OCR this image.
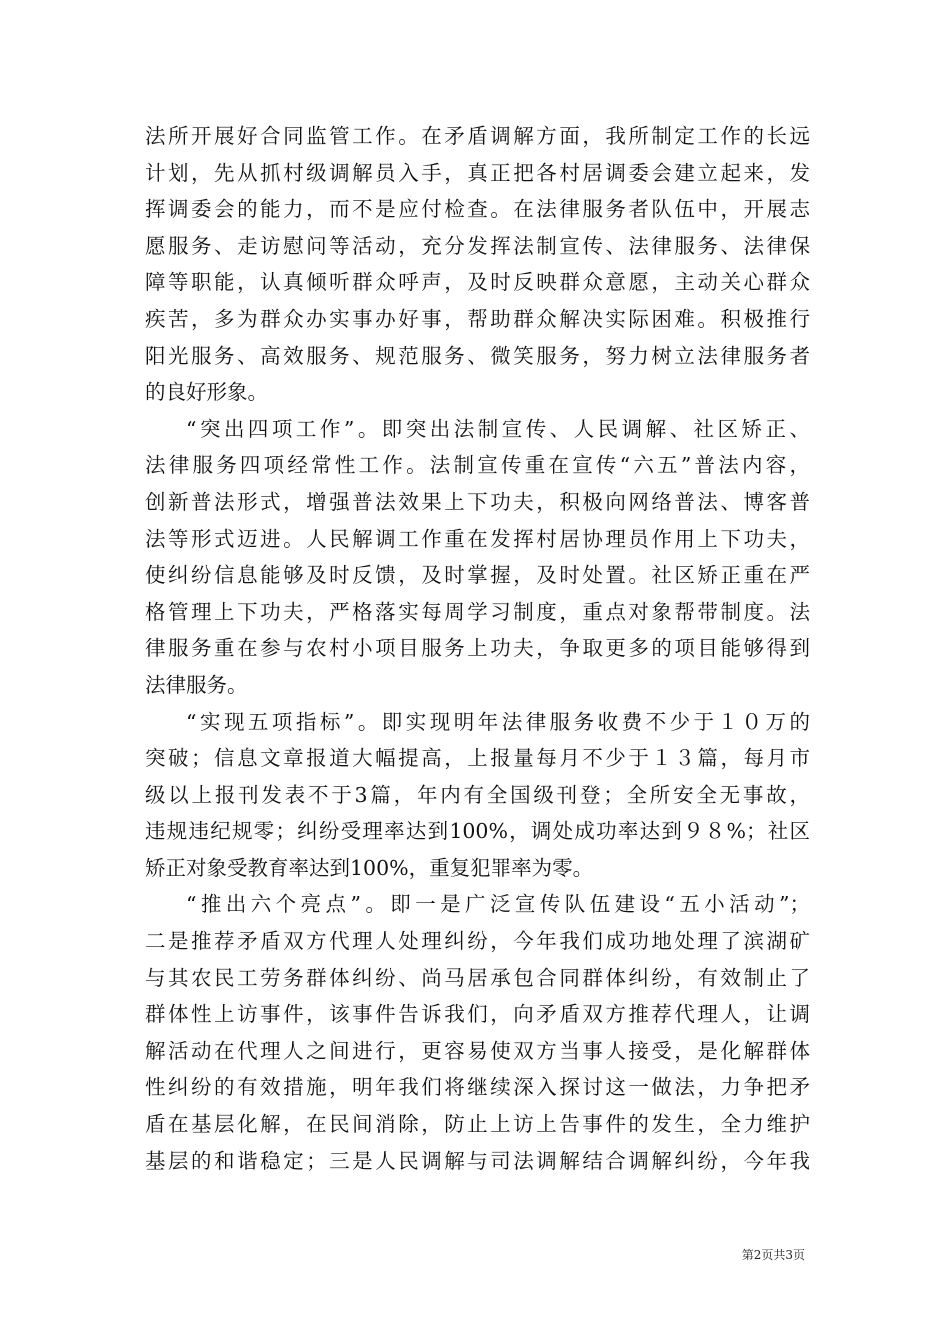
法所开展好合同监管工作。在矛盾调解方面，我所制定工作的长远
计划，先从抓村级调解员入手，真正把各村居调委会建立起来，发
挥调委会的能力，而不是应付检查。在法律服务者队伍中，开展志
愿服务、走访慰问等活动，充分发挥法制宣传、法律服务、法律保
障等职能，认真倾听群众呼声，及时反映群众意愿，主动关心群众
疾苦，多为群众办实事办好事，帮助群众解决实际困难。积极推行
阳光服务、高效服务、规范服务、微笑服务，努力树立法律服务者
的良好形象。
“突出四项工作”。即突出法制宣传、人民调解、社区矫正、
法律服务四项经常性工作。法制宣传重在宣传“六五”普法内容，
创新普法形式，增强普法效果上下功夫，积极向网络普法、博客普
法等形式迈进。人民解调工作重在发挥村居协理员作用上下功夫，
使纠纷信息能够及时反馈，及时掌握，及时处置。社区矫正重在严
格管理上下功夫，严格落实每周学习制度，重点对象帮带制度。法
律服务重在参与农村小项目服务上功夫，争取更多的项目能够得到
法律服务。
“实现五项指标”。即实现明年法律服务收费不少于１０万的
突破；信息文章报道大幅提高，上报量每月不少于１３篇，每月市
级以上报刊发表不于3篇，年内有全国级刊登；全所安全无事故，
违规违纪规零；纠纷受理率达到100%，调处成功率达到９８%；社区
矫正对象受教育率达到100%，重复犯罪率为零。
“推出六个亮点”。即一是广泛宣传队伍建设“五小活动”；
二是推荐矛盾双方代理人处理纠纷，今年我们成功地处理了滨湖矿
与其农民工劳务群体纠纷、尚马居承包合同群体纠纷，有效制止了
群体性上访事件，该事件告诉我们，向矛盾双方推荐代理人，让调
解活动在代理人之间进行，更容易使双方当事人接受，是化解群体
性纠纷的有效措施，明年我们将继续深入探讨这一做法，力争把矛
盾在基层化解，在民间消除，防止上访上告事件的发生，全力维护
基层的和谐稳定；三是人民调解与司法调解结合调解纠纷，今年我
第2页共3页
